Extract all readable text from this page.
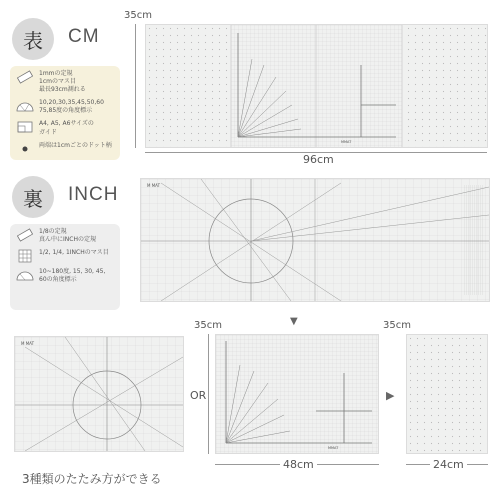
表 CM
1mmの定規
1cmのマス目
最長93cm測れる
10,20,30,35,45,50,60
75,85度の角度標示
A4, A5, A6サイズの
ガイド
両端は1cmごとのドット柄
35cm
96cm
MMAT
裏 INCH
1/8の定規
真ん中にINCHの定規
1/2, 1/4, 1INCHのマス目
10~180度, 15, 30, 45,
60の角度標示
M MAT
▼
M MAT
OR
35cm
MMAT
48cm
▶
35cm
24cm
3種類のたたみ方ができる
